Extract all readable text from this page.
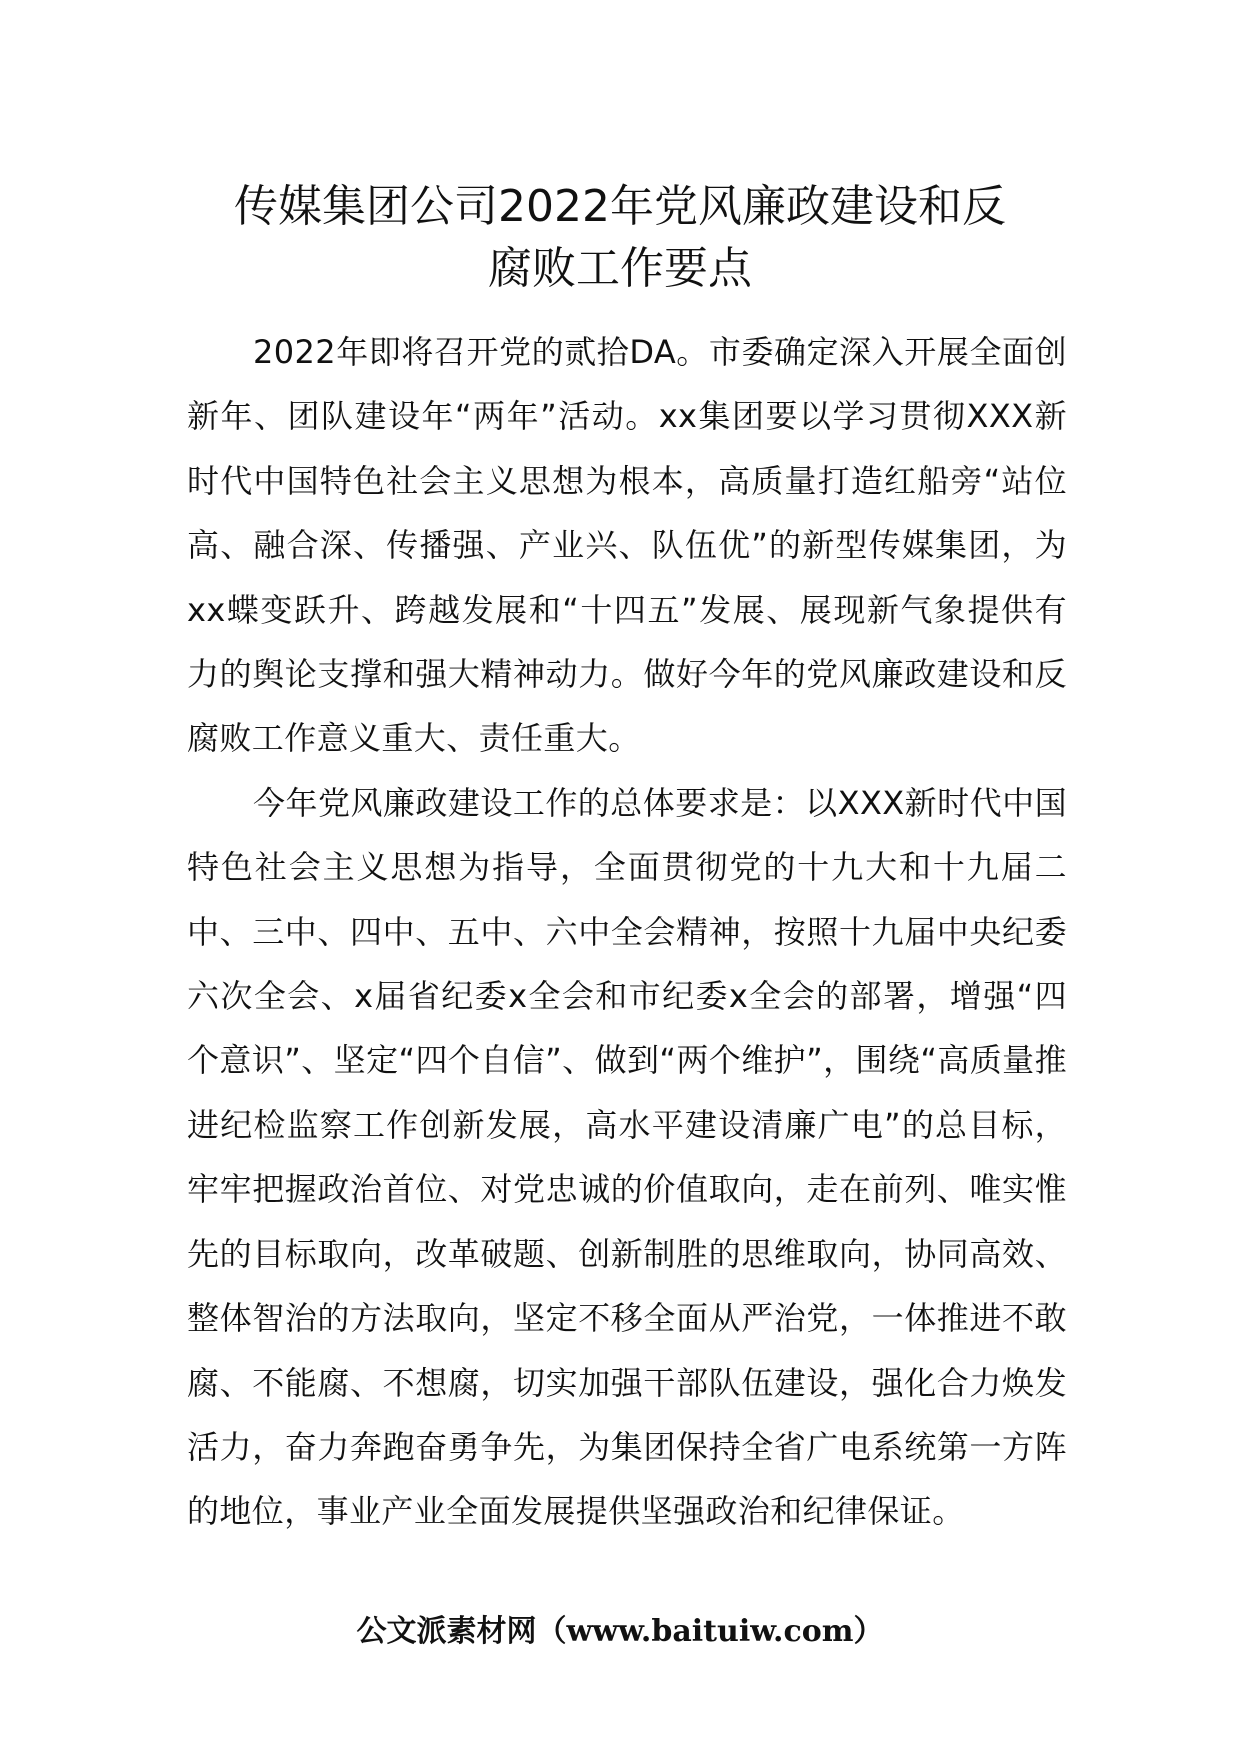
传媒集团公司2022年党风廉政建设和反
腐败工作要点

2022年即将召开党的贰拾DA。市委确定深入开展全面创新年、团队建设年“两年”活动。xx集团要以学习贯彻XXX新时代中国特色社会主义思想为根本，高质量打造红船旁“站位高、融合深、传播强、产业兴、队伍优”的新型传媒集团，为xx蝶变跃升、跨越发展和“十四五”发展、展现新气象提供有力的舆论支撑和强大精神动力。做好今年的党风廉政建设和反腐败工作意义重大、责任重大。

今年党风廉政建设工作的总体要求是：以XXX新时代中国特色社会主义思想为指导，全面贯彻党的十九大和十九届二中、三中、四中、五中、六中全会精神，按照十九届中央纪委六次全会、x届省纪委x全会和市纪委x全会的部署，增强“四个意识”、坚定“四个自信”、做到“两个维护”，围绕“高质量推进纪检监察工作创新发展，高水平建设清廉广电”的总目标，牢牢把握政治首位、对党忠诚的价值取向，走在前列、唯实惟先的目标取向，改革破题、创新制胜的思维取向，协同高效、整体智治的方法取向，坚定不移全面从严治党，一体推进不敢腐、不能腐、不想腐，切实加强干部队伍建设，强化合力焕发活力，奋力奔跑奋勇争先，为集团保持全省广电系统第一方阵的地位，事业产业全面发展提供坚强政治和纪律保证。

公文派素材网（www.baituiw.com）
